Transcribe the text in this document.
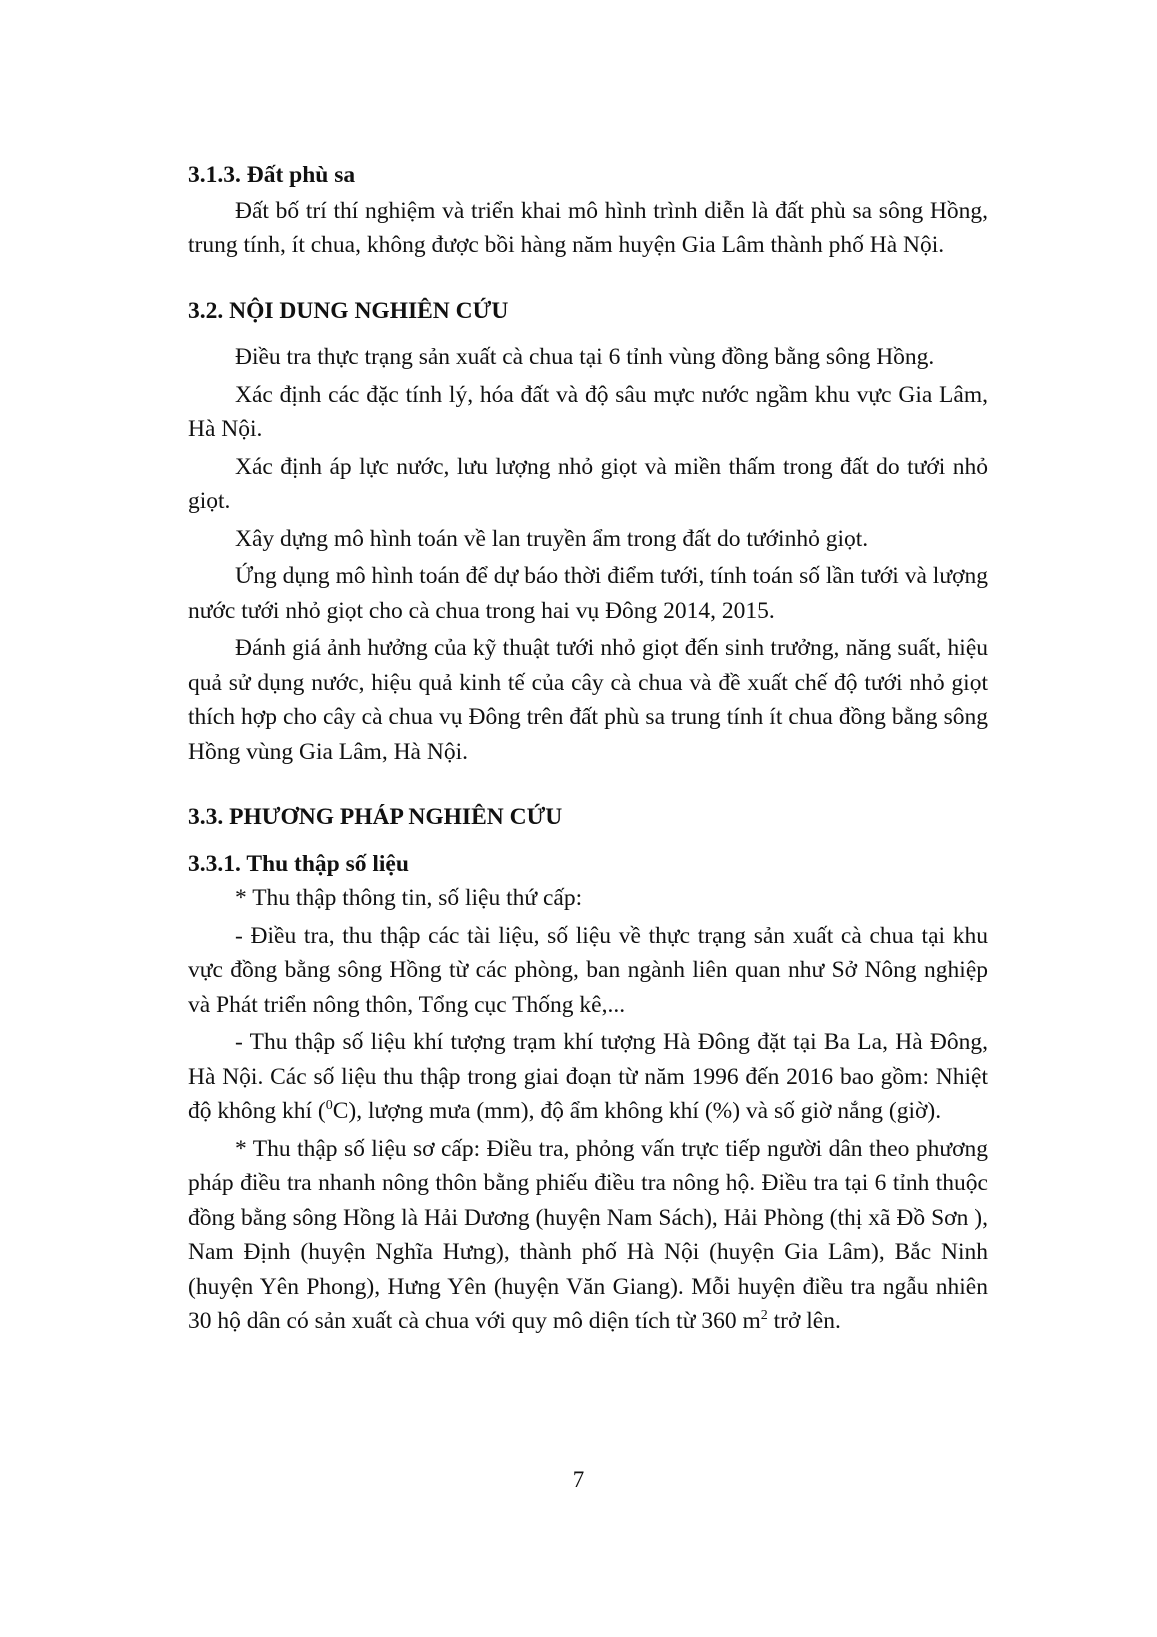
3.1.3. Đất phù sa

Đất bố trí thí nghiệm và triển khai mô hình trình diễn là đất phù sa sông Hồng, trung tính, ít chua, không được bồi hàng năm huyện Gia Lâm thành phố Hà Nội.

3.2. NỘI DUNG NGHIÊN CỨU

Điều tra thực trạng sản xuất cà chua tại 6 tỉnh vùng đồng bằng sông Hồng.

Xác định các đặc tính lý, hóa đất và độ sâu mực nước ngầm khu vực Gia Lâm, Hà Nội.

Xác định áp lực nước, lưu lượng nhỏ giọt và miền thấm trong đất do tưới nhỏ giọt.

Xây dựng mô hình toán về lan truyền ẩm trong đất do tướinhỏ giọt.

Ứng dụng mô hình toán để dự báo thời điểm tưới, tính toán số lần tưới và lượng nước tưới nhỏ giọt cho cà chua trong hai vụ Đông 2014, 2015.

Đánh giá ảnh hưởng của kỹ thuật tưới nhỏ giọt đến sinh trưởng, năng suất, hiệu quả sử dụng nước, hiệu quả kinh tế của cây cà chua và đề xuất chế độ tưới nhỏ giọt thích hợp cho cây cà chua vụ Đông trên đất phù sa trung tính ít chua đồng bằng sông Hồng vùng Gia Lâm, Hà Nội.

3.3. PHƯƠNG PHÁP NGHIÊN CỨU
3.3.1. Thu thập số liệu

* Thu thập thông tin, số liệu thứ cấp:

- Điều tra, thu thập các tài liệu, số liệu về thực trạng sản xuất cà chua tại khu vực đồng bằng sông Hồng từ các phòng, ban ngành liên quan như Sở Nông nghiệp và Phát triển nông thôn, Tổng cục Thống kê,...

- Thu thập số liệu khí tượng trạm khí tượng Hà Đông đặt tại Ba La, Hà Đông, Hà Nội. Các số liệu thu thập trong giai đoạn từ năm 1996 đến 2016 bao gồm: Nhiệt độ không khí ($^0$C), lượng mưa (mm), độ ẩm không khí (%) và số giờ nắng (giờ).

* Thu thập số liệu sơ cấp: Điều tra, phỏng vấn trực tiếp người dân theo phương pháp điều tra nhanh nông thôn bằng phiếu điều tra nông hộ. Điều tra tại 6 tỉnh thuộc đồng bằng sông Hồng là Hải Dương (huyện Nam Sách), Hải Phòng (thị xã Đồ Sơn ), Nam Định (huyện Nghĩa Hưng), thành phố Hà Nội (huyện Gia Lâm), Bắc Ninh (huyện Yên Phong), Hưng Yên (huyện Văn Giang). Mỗi huyện điều tra ngẫu nhiên 30 hộ dân có sản xuất cà chua với quy mô diện tích từ 360 $m^2$ trở lên.

7
